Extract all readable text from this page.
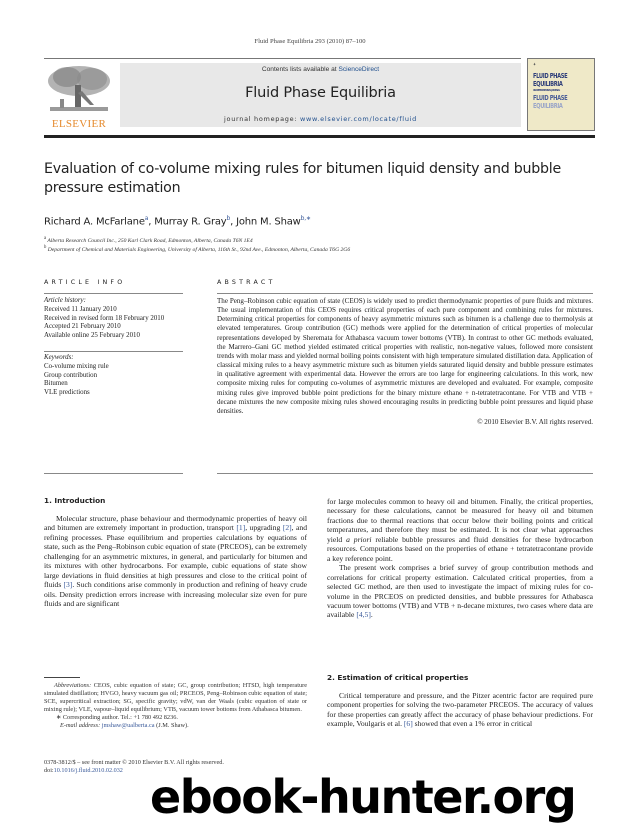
Fluid Phase Equilibria 293 (2010) 87–100
ELSEVIER
Contents lists available at ScienceDirect
Fluid Phase Equilibria
journal homepage: www.elsevier.com/locate/fluid
✦
FLUID PHASE
EQUILIBRIA
AN INTERNATIONAL JOURNAL
FLUID PHASE
EQUILIBRIA
Evaluation of co-volume mixing rules for bitumen liquid density and bubble pressure estimation
Richard A. McFarlane$^a$, Murray R. Gray$^b$, John M. Shaw$^{b,∗}$
$^a$ Alberta Research Council Inc., 250 Karl Clark Road, Edmonton, Alberta, Canada T6N 1E4
$^b$ Department of Chemical and Materials Engineering, University of Alberta, 116th St., 92nd Ave., Edmonton, Alberta, Canada T6G 2G6
ARTICLE INFO
Article history:
Received 11 January 2010
Received in revised form 18 February 2010
Accepted 21 February 2010
Available online 25 February 2010
Keywords:
Co-volume mixing rule
Group contribution
Bitumen
VLE predictions
ABSTRACT
The Peng–Robinson cubic equation of state (CEOS) is widely used to predict thermodynamic properties of pure fluids and mixtures. The usual implementation of this CEOS requires critical properties of each pure component and combining rules for mixtures. Determining critical properties for components of heavy asymmetric mixtures such as bitumen is a challenge due to thermolysis at elevated temperatures. Group contribution (GC) methods were applied for the determination of critical properties of molecular representations developed by Sheremata for Athabasca vacuum tower bottoms (VTB). In contrast to other GC methods evaluated, the Marrero–Gani GC method yielded estimated critical properties with realistic, non-negative values, followed more consistent trends with molar mass and yielded normal boiling points consistent with high temperature simulated distillation data. Application of classical mixing rules to a heavy asymmetric mixture such as bitumen yields saturated liquid density and bubble pressure estimates in qualitative agreement with experimental data. However the errors are too large for engineering calculations. In this work, new composite mixing rules for computing co-volumes of asymmetric mixtures are developed and evaluated. For example, composite mixing rules give improved bubble point predictions for the binary mixture ethane + n-tetratetracontane. For VTB and VTB + decane mixtures the new composite mixing rules showed encouraging results in predicting bubble point pressures and liquid phase densities.
© 2010 Elsevier B.V. All rights reserved.
1. Introduction

Molecular structure, phase behaviour and thermodynamic properties of heavy oil and bitumen are extremely important in production, transport [1], upgrading [2], and refining processes. Phase equilibrium and properties calculations by equations of state, such as the Peng–Robinson cubic equation of state (PRCEOS), can be extremely challenging for an asymmetric mixtures, in general, and particularly for bitumen and its mixtures with other hydrocarbons. For example, cubic equations of state show large deviations in fluid densities at high pressures and close to the critical point of fluids [3]. Such conditions arise commonly in production and refining of heavy crude oils. Density prediction errors increase with increasing molecular size even for pure fluids and are significant

Abbreviations: CEOS, cubic equation of state; GC, group contribution; HTSD, high temperature simulated distillation; HVGO, heavy vacuum gas oil; PRCEOS, Peng–Robinson cubic equation of state; SCE, supercritical extraction; SG, specific gravity; vdW, van der Waals (cubic equation of state or mixing rule); VLE, vapour–liquid equilibrium; VTB, vacuum tower bottoms from Athabasca bitumen.

∗ Corresponding author. Tel.: +1 780 492 8236.

E-mail address: jmshaw@ualberta.ca (J.M. Shaw).

0378-3812/$ – see front matter © 2010 Elsevier B.V. All rights reserved.
doi:10.1016/j.fluid.2010.02.032

for large molecules common to heavy oil and bitumen. Finally, the critical properties, necessary for these calculations, cannot be measured for heavy oil and bitumen fractions due to thermal reactions that occur below their boiling points and critical temperatures, and therefore they must be estimated. It is not clear what approaches yield a priori reliable bubble pressures and fluid densities for these hydrocarbon resources. Computations based on the properties of ethane + tetratetracontane provide a key reference point.

The present work comprises a brief survey of group contribution methods and correlations for critical property estimation. Calculated critical properties, from a selected GC method, are then used to investigate the impact of mixing rules for co-volume in the PRCEOS on predicted densities, and bubble pressures for Athabasca vacuum tower bottoms (VTB) and VTB + n-decane mixtures, two cases where data are available [4,5].

2. Estimation of critical properties

Critical temperature and pressure, and the Pitzer acentric factor are required pure component properties for solving the two-parameter PRCEOS. The accuracy of values for these properties can greatly affect the accuracy of phase behaviour predictions. For example, Voulgaris et al. [6] showed that even a 1% error in critical

ebook-hunter.org
